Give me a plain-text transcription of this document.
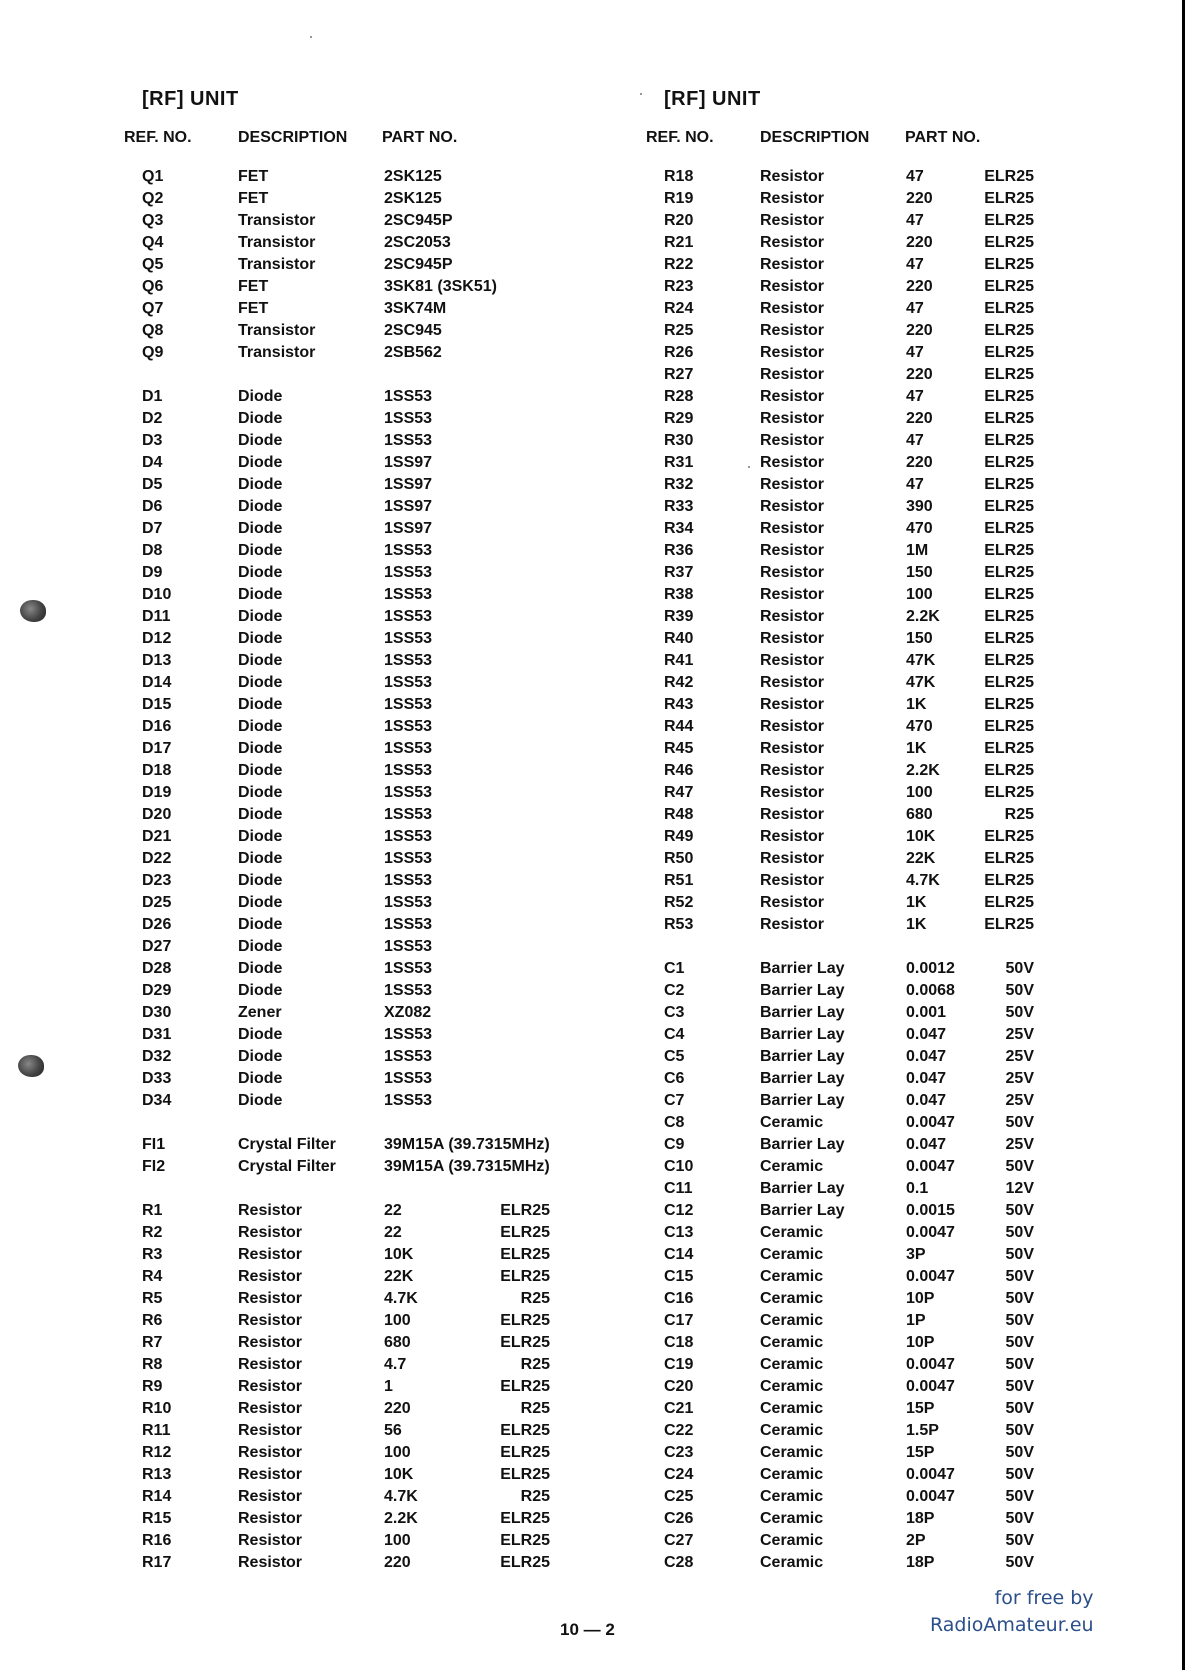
[RF] UNIT
REF. NO.	DESCRIPTION PART NO.
Q1	FET	2SK125
Q2	FET	2SK125
Q3	Transistor	2SC945P
Q4	Transistor	2SC2053
Q5	Transistor	2SC945P
Q6	FET	3SK81 (3SK51)
Q7	FET	3SK74M
Q8	Transistor	2SC945
Q9	Transistor	2SB562
D1	Diode	1SS53
D2	Diode	1SS53
D3	Diode	1SS53
D4	Diode	1SS97
D5	Diode	1SS97
D6	Diode	1SS97
D7	Diode	1SS97
D8	Diode	1SS53
D9	Diode	1SS53
D10	Diode	1SS53
D11	Diode	1SS53
D12	Diode	1SS53
D13	Diode	1SS53
D14	Diode	1SS53
D15	Diode	1SS53
D16	Diode	1SS53
D17	Diode	1SS53
D18	Diode	1SS53
D19	Diode	1SS53
D20	Diode	1SS53
D21	Diode	1SS53
D22	Diode	1SS53
D23	Diode	1SS53
D25	Diode	1SS53
D26	Diode	1SS53
D27	Diode	1SS53
D28	Diode	1SS53
D29	Diode	1SS53
D30	Zener	XZ082
D31	Diode	1SS53
D32	Diode	1SS53
D33	Diode	1SS53
D34	Diode	1SS53
FI1	Crystal Filter	39M15A (39.7315MHz)
FI2	Crystal Filter	39M15A (39.7315MHz)
R1	Resistor	22	ELR25
R2	Resistor	22	ELR25
R3	Resistor	10K	ELR25
R4	Resistor	22K	ELR25
R5	Resistor	4.7K	R25
R6	Resistor	100	ELR25
R7	Resistor	680	ELR25
R8	Resistor	4.7	R25
R9	Resistor	1	ELR25
R10	Resistor	220	R25
R11	Resistor	56	ELR25
R12	Resistor	100	ELR25
R13	Resistor	10K	ELR25
R14	Resistor	4.7K	R25
R15	Resistor	2.2K	ELR25
R16	Resistor	100	ELR25
R17	Resistor	220	ELR25
[RF] UNIT
REF. NO.	DESCRIPTION PART NO.
R18	Resistor	47	ELR25
R19	Resistor	220	ELR25
R20	Resistor	47	ELR25
R21	Resistor	220	ELR25
R22	Resistor	47	ELR25
R23	Resistor	220	ELR25
R24	Resistor	47	ELR25
R25	Resistor	220	ELR25
R26	Resistor	47	ELR25
R27	Resistor	220	ELR25
R28	Resistor	47	ELR25
R29	Resistor	220	ELR25
R30	Resistor	47	ELR25
R31	Resistor	220	ELR25
R32	Resistor	47	ELR25
R33	Resistor	390	ELR25
R34	Resistor	470	ELR25
R36	Resistor	1M	ELR25
R37	Resistor	150	ELR25
R38	Resistor	100	ELR25
R39	Resistor	2.2K	ELR25
R40	Resistor	150	ELR25
R41	Resistor	47K	ELR25
R42	Resistor	47K	ELR25
R43	Resistor	1K	ELR25
R44	Resistor	470	ELR25
R45	Resistor	1K	ELR25
R46	Resistor	2.2K	ELR25
R47	Resistor	100	ELR25
R48	Resistor	680	R25
R49	Resistor	10K	ELR25
R50	Resistor	22K	ELR25
R51	Resistor	4.7K	ELR25
R52	Resistor	1K	ELR25
R53	Resistor	1K	ELR25
C1	Barrier Lay	0.0012	50V
C2	Barrier Lay	0.0068	50V
C3	Barrier Lay	0.001	50V
C4	Barrier Lay	0.047	25V
C5	Barrier Lay	0.047	25V
C6	Barrier Lay	0.047	25V
C7	Barrier Lay	0.047	25V
C8	Ceramic	0.0047	50V
C9	Barrier Lay	0.047	25V
C10	Ceramic	0.0047	50V
C11	Barrier Lay	0.1	12V
C12	Barrier Lay	0.0015	50V
C13	Ceramic	0.0047	50V
C14	Ceramic	3P	50V
C15	Ceramic	0.0047	50V
C16	Ceramic	10P	50V
C17	Ceramic	1P	50V
C18	Ceramic	10P	50V
C19	Ceramic	0.0047	50V
C20	Ceramic	0.0047	50V
C21	Ceramic	15P	50V
C22	Ceramic	1.5P	50V
C23	Ceramic	15P	50V
C24	Ceramic	0.0047	50V
C25	Ceramic	0.0047	50V
C26	Ceramic	18P	50V
C27	Ceramic	2P	50V
C28	Ceramic	18P	50V
10 — 2
for free by
RadioAmateur.eu
